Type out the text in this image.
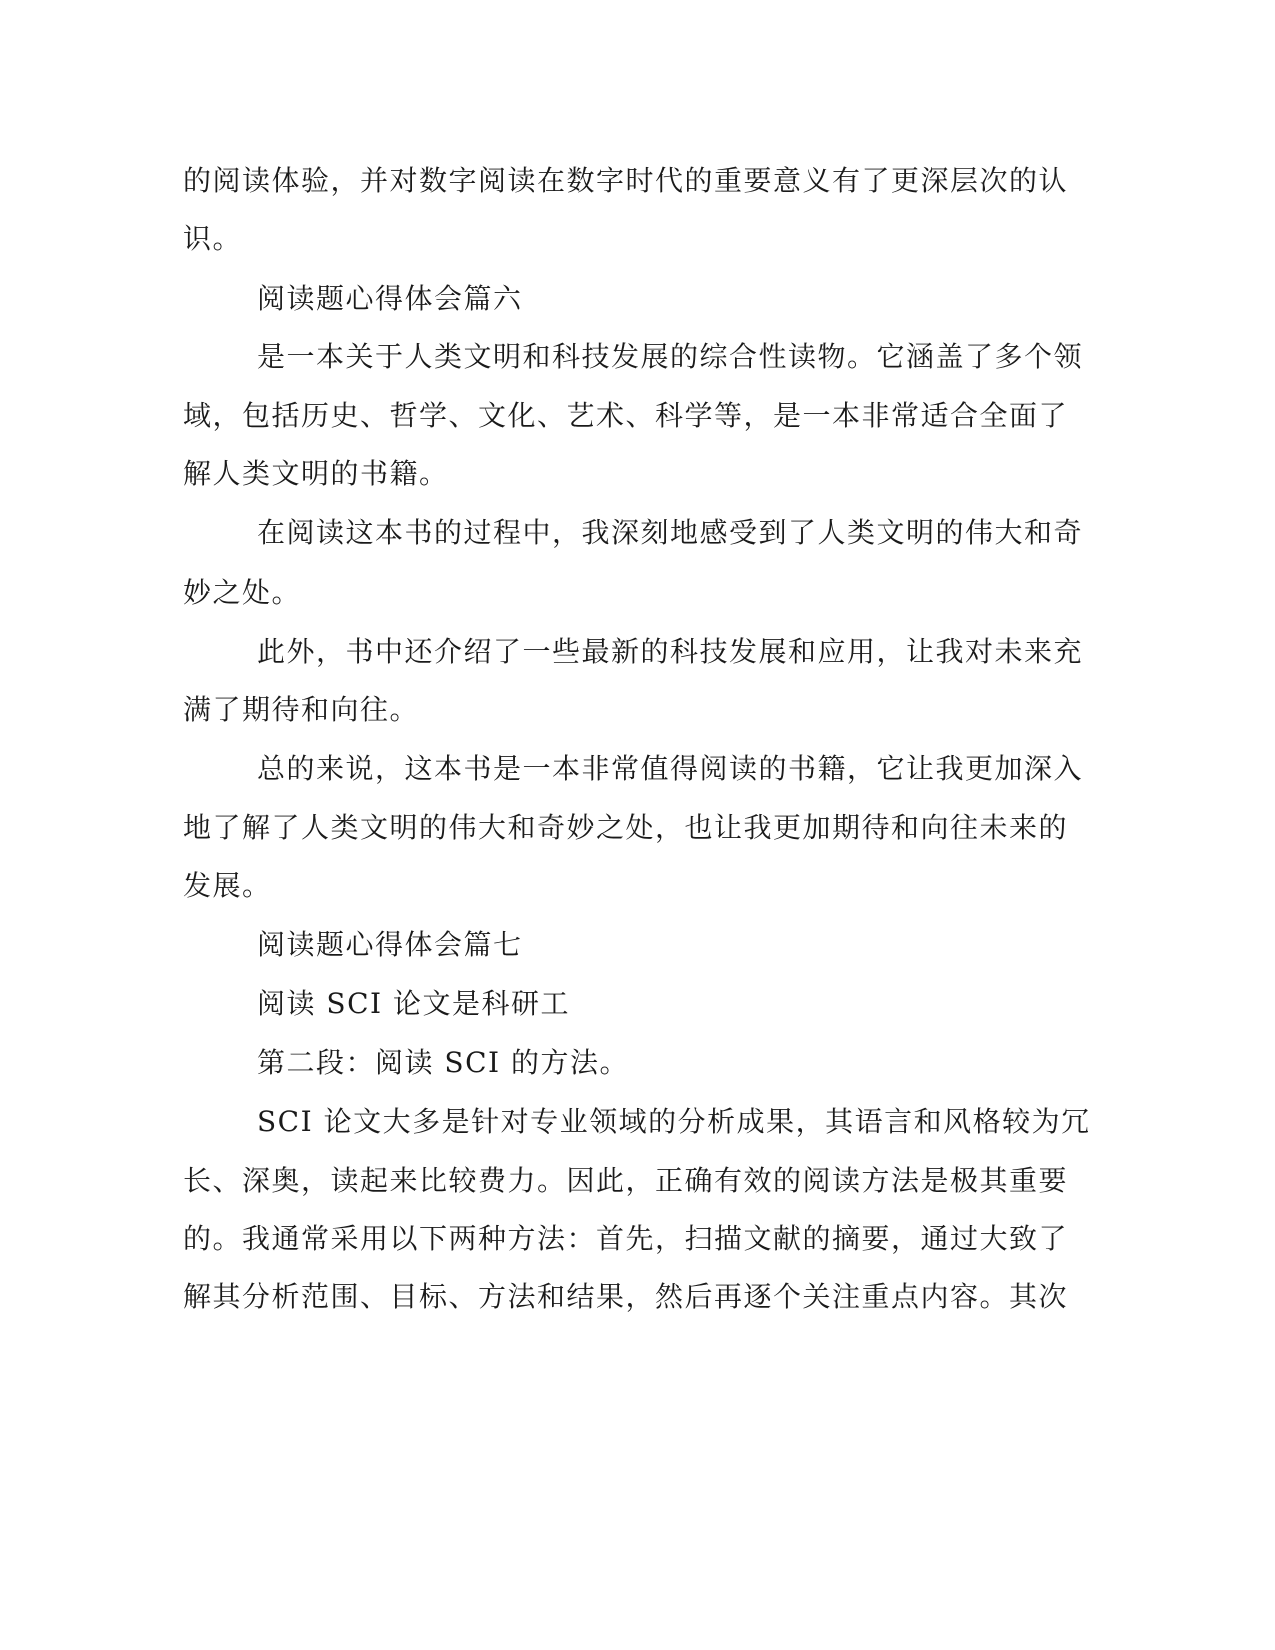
的阅读体验，并对数字阅读在数字时代的重要意义有了更深层次的认
识。
阅读题心得体会篇六
是一本关于人类文明和科技发展的综合性读物。它涵盖了多个领
域，包括历史、哲学、文化、艺术、科学等，是一本非常适合全面了
解人类文明的书籍。
在阅读这本书的过程中，我深刻地感受到了人类文明的伟大和奇
妙之处。
此外，书中还介绍了一些最新的科技发展和应用，让我对未来充
满了期待和向往。
总的来说，这本书是一本非常值得阅读的书籍，它让我更加深入
地了解了人类文明的伟大和奇妙之处，也让我更加期待和向往未来的
发展。
阅读题心得体会篇七
阅读 SCI 论文是科研工
第二段：阅读 SCI 的方法。
SCI 论文大多是针对专业领域的分析成果，其语言和风格较为冗
长、深奥，读起来比较费力。因此，正确有效的阅读方法是极其重要
的。我通常采用以下两种方法：首先，扫描文献的摘要，通过大致了
解其分析范围、目标、方法和结果，然后再逐个关注重点内容。其次
